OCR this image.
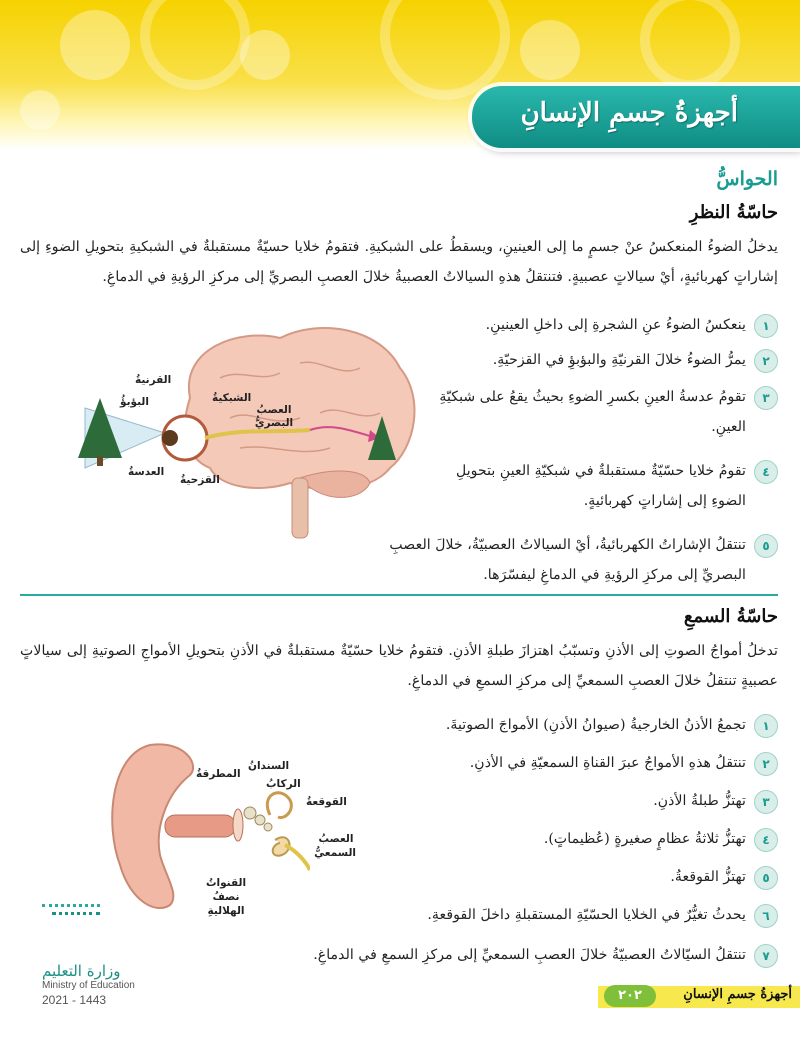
أجهزةُ جسمِ الإنسانِ
الحواسُّ
حاسّةُ النظرِ
يدخلُ الضوءُ المنعكسُ عنْ جسمٍ ما إلى العينينِ، ويسقطُ على الشبكيةِ. فتقومُ خلايا حسيّةٌ مستقبلةٌ في الشبكيةِ بتحويلِ الضوءِ إلى إشاراتٍ كهربائيةٍ، أيْ سيالاتٍ عصبيةٍ. فتنتقلُ هذهِ السيالاتُ العصبيةُ خلالَ العصبِ البصريِّ إلى مركزِ الرؤيةِ في الدماغِ.
١
ينعكسُ الضوءُ عنِ الشجرةِ إلى داخلِ العينينِ.
٢
يمرُّ الضوءُ خلالَ القرنيّةِ والبؤبؤِ في القزحيّةِ.
٣
تقومُ عدسةُ العينِ بكسرِ الضوءِ بحيثُ يقعُ على شبكيّةِ العينِ.
٤
تقومُ خلايا حسّيّةٌ مستقبلةٌ في شبكيّةِ العينِ بتحويلِ الضوءِ إلى إشاراتٍ كهربائيةٍ.
٥
تنتقلُ الإشاراتُ الكهربائيةُ، أيْ السيالاتُ العصبيّةُ، خلالَ العصبِ البصريِّ إلى مركزِ الرؤيةِ في الدماغِ ليفسّرَها.
القرنيةُ
البؤبؤُ	الشبكيةُ
العصبُ البصريُّ
العدسةُ
القزحيةُ
حاسّةُ السمعِ
تدخلُ أمواجُ الصوتِ إلى الأذنِ وتسبّبُ اهتزازَ طبلةِ الأذنِ. فتقومُ خلايا حسّيّةٌ مستقبلةٌ في الأذنِ بتحويلِ الأمواجِ الصوتيةِ إلى سيالاتٍ عصبيةٍ تنتقلُ خلالَ العصبِ السمعيِّ إلى مركزِ السمعِ في الدماغِ.
١
تجمعُ الأذنُ الخارجيةُ (صيوانُ الأذنِ) الأمواجَ الصوتيةَ.
٢
تنتقلُ هذهِ الأمواجُ عبرَ القناةِ السمعيّةِ في الأذنِ.
٣
تهتزُّ طبلةُ الأذنِ.
٤
تهتزُّ ثلاثةُ عظامٍ صغيرةٍ (عُظيماتٍ).
٥
تهتزُّ القوقعةُ.
٦
يحدثُ تغيُّرٌ في الخلايا الحسّيّةِ المستقبلةِ داخلَ القوقعةِ.
٧
تنتقلُ السيّالاتُ العصبيّةُ خلالَ العصبِ السمعيِّ إلى مركزِ السمعِ في الدماغِ.
السندانُ
المطرقةُ
الركابُ
القوقعةُ
العصبُ السمعيُّ
القنواتُ نصفُ الهلاليةِ
وزارة التعليم
Ministry of Education
2021 - 1443	أجهزةُ جسمِ الإنسانِ
٢٠٢
